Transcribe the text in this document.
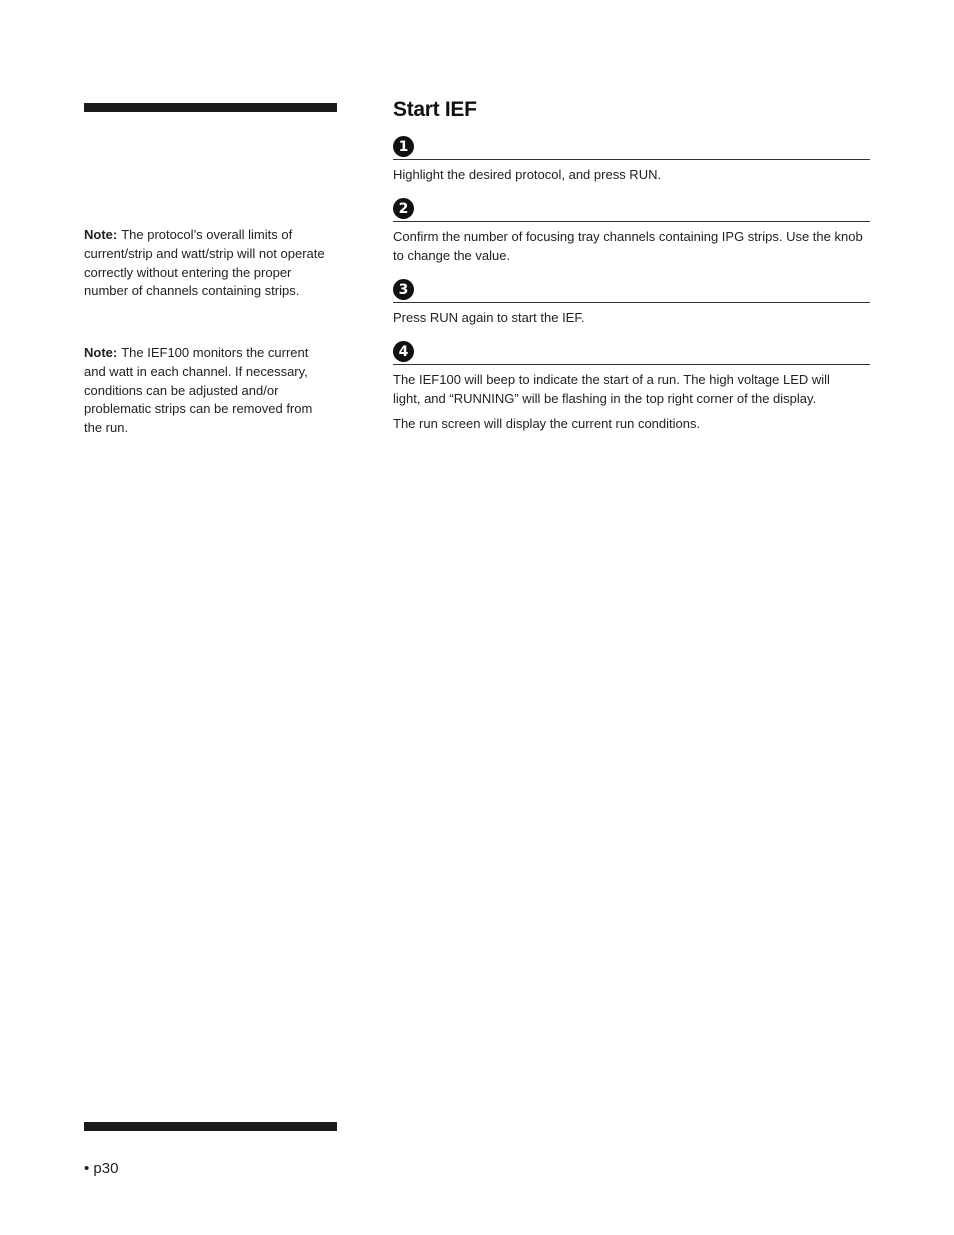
Note: The protocol’s overall limits of current/strip and watt/strip will not operate correctly without entering the proper number of channels containing strips.
Note: The IEF100 monitors the current and watt in each channel. If necessary, conditions can be adjusted and/or problematic strips can be removed from the run.
Start IEF
1

Highlight the desired protocol, and press RUN.

2

Confirm the number of focusing tray channels containing IPG strips. Use the knob to change the value.

3

Press RUN again to start the IEF.

4

The IEF100 will beep to indicate the start of a run. The high voltage LED will light, and “RUNNING” will be flashing in the top right corner of the display.

The run screen will display the current run conditions.

• p30
